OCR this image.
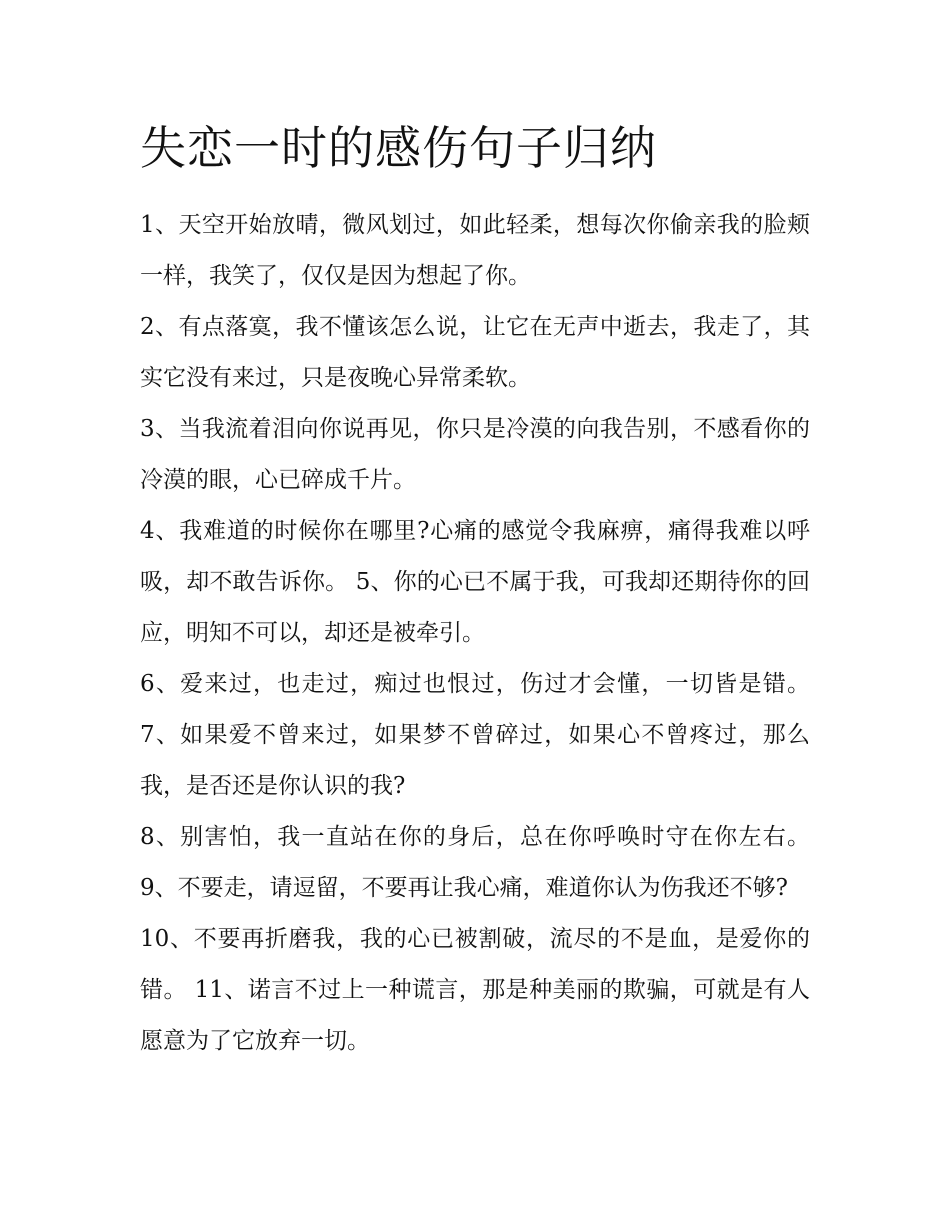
失恋一时的感伤句子归纳

1、天空开始放晴，微风划过，如此轻柔，想每次你偷亲我的脸颊一样，我笑了，仅仅是因为想起了你。

2、有点落寞，我不懂该怎么说，让它在无声中逝去，我走了，其实它没有来过，只是夜晚心异常柔软。

3、当我流着泪向你说再见，你只是冷漠的向我告别，不感看你的冷漠的眼，心已碎成千片。

4、我难道的时候你在哪里?心痛的感觉令我麻痹，痛得我难以呼吸，却不敢告诉你。 5、你的心已不属于我，可我却还期待你的回应，明知不可以，却还是被牵引。

6、爱来过，也走过，痴过也恨过，伤过才会懂，一切皆是错。 7、如果爱不曾来过，如果梦不曾碎过，如果心不曾疼过，那么我，是否还是你认识的我?

8、别害怕，我一直站在你的身后，总在你呼唤时守在你左右。 9、不要走，请逗留，不要再让我心痛，难道你认为伤我还不够?

10、不要再折磨我，我的心已被割破，流尽的不是血，是爱你的错。 11、诺言不过上一种谎言，那是种美丽的欺骗，可就是有人愿意为了它放弃一切。
